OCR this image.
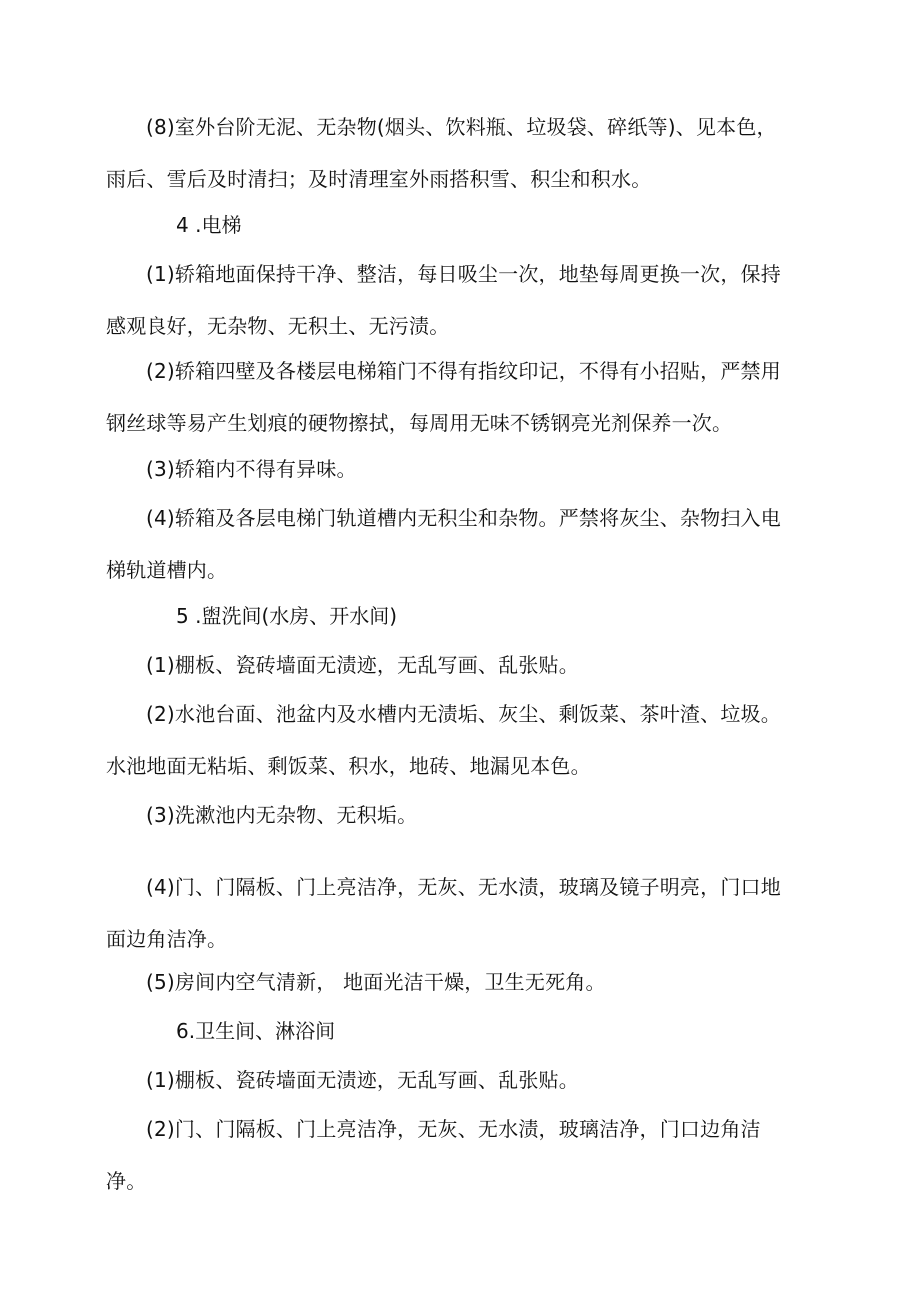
(8)室外台阶无泥、无杂物(烟头、饮料瓶、垃圾袋、碎纸等)、见本色，雨后、雪后及时清扫；及时清理室外雨搭积雪、积尘和积水。

4 .电梯

(1)轿箱地面保持干净、整洁，每日吸尘一次，地垫每周更换一次，保持感观良好，无杂物、无积土、无污渍。

(2)轿箱四壁及各楼层电梯箱门不得有指纹印记，不得有小招贴，严禁用钢丝球等易产生划痕的硬物擦拭，每周用无味不锈钢亮光剂保养一次。

(3)轿箱内不得有异味。

(4)轿箱及各层电梯门轨道槽内无积尘和杂物。严禁将灰尘、杂物扫入电梯轨道槽内。

5 .盥洗间(水房、开水间)

(1)棚板、瓷砖墙面无渍迹，无乱写画、乱张贴。

(2)水池台面、池盆内及水槽内无渍垢、灰尘、剩饭菜、茶叶渣、垃圾。水池地面无粘垢、剩饭菜、积水，地砖、地漏见本色。

(3)洗漱池内无杂物、无积垢。

(4)门、门隔板、门上亮洁净，无灰、无水渍，玻璃及镜子明亮，门口地面边角洁净。

(5)房间内空气清新， 地面光洁干燥，卫生无死角。

6.卫生间、淋浴间

(1)棚板、瓷砖墙面无渍迹，无乱写画、乱张贴。

(2)门、门隔板、门上亮洁净，无灰、无水渍，玻璃洁净，门口边角洁净。
